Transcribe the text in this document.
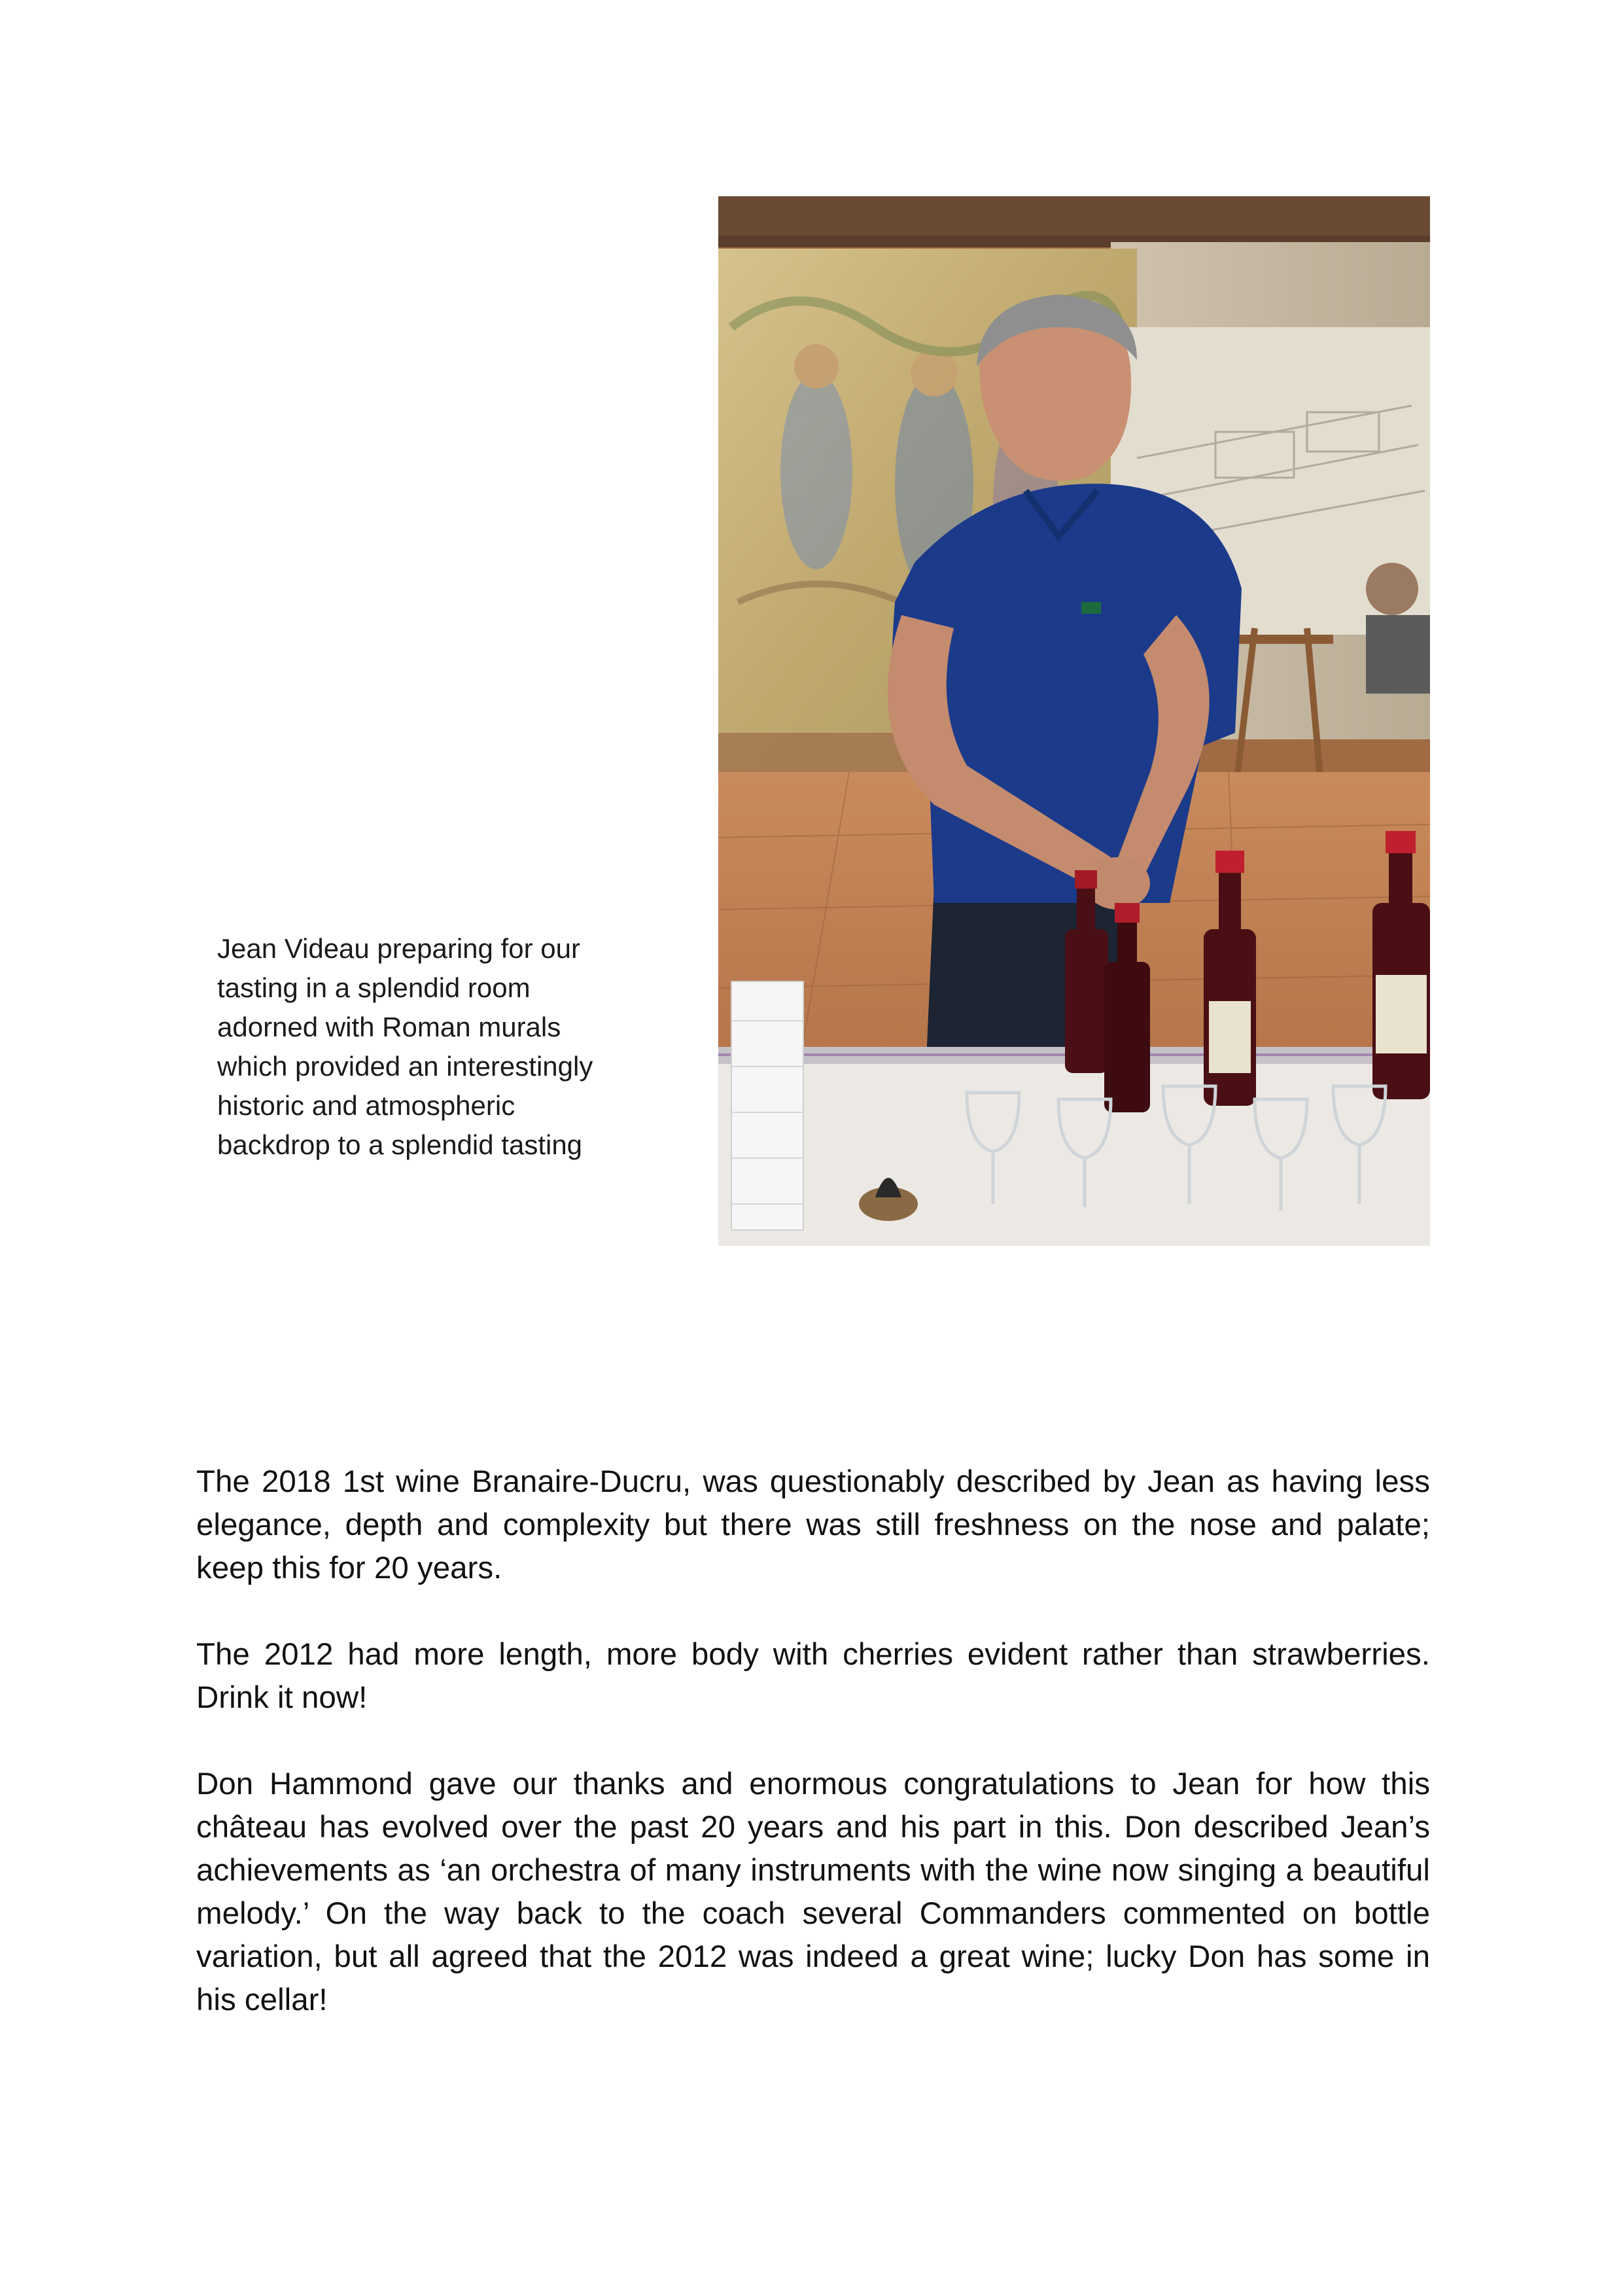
Jean Videau preparing for our
tasting in a splendid room
adorned with Roman murals
which provided an interestingly
historic and atmospheric
backdrop to a splendid tasting

The 2018 1st wine Branaire-Ducru, was questionably described by Jean as having less elegance, depth and complexity but there was still freshness on the nose and palate; keep this for 20 years.

The 2012 had more length, more body with cherries evident rather than strawberries. Drink it now!

Don Hammond gave our thanks and enormous congratulations to Jean for how this château has evolved over the past 20 years and his part in this. Don described Jean’s achievements as ‘an orchestra of many instruments with the wine now singing a beautiful melody.’ On the way back to the coach several Commanders commented on bottle variation, but all agreed that the 2012 was indeed a great wine; lucky Don has some in his cellar!
